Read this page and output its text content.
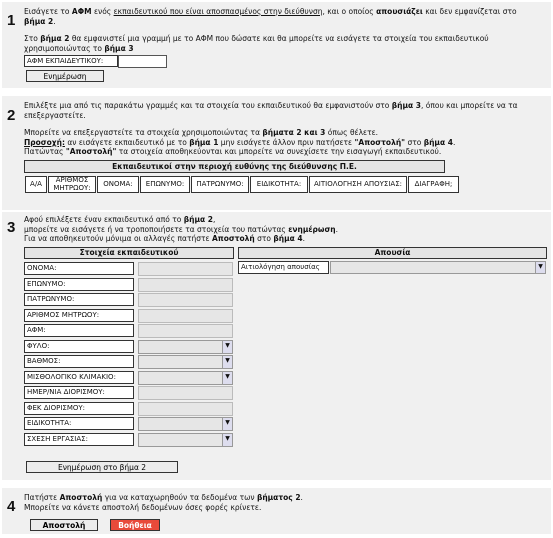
1

Εισάγετε το ΑΦΜ ενός εκπαιδευτικού που είναι αποσπασμένος στην διεύθυνση, και ο οποίος απουσιάζει και δεν εμφανίζεται στο

βήμα 2.

Στο βήμα 2 θα εμφανιστεί μια γραμμή με το ΑΦΜ που δώσατε και θα μπορείτε να εισάγετε τα στοιχεία του εκπαιδευτικού

χρησιμοποιώντας το βήμα 3

ΑΦΜ ΕΚΠΑΙΔΕΥΤΙΚΟΥ:
Ενημέρωση
2

Επιλέξτε μια από τις παρακάτω γραμμές και τα στοιχεία του εκπαιδευτικού θα εμφανιστούν στο βήμα 3, όπου και μπορείτε να τα

επεξεργαστείτε.

Μπορείτε να επεξεργαστείτε τα στοιχεία χρησιμοποιώντας τα βήματα 2 και 3 όπως θέλετε.

Προσοχή: αν εισάγετε εκπαιδευτικό με το βήμα 1 μην εισάγετε άλλον πριν πατήσετε "Αποστολή" στο βήμα 4.

Πατώντας "Αποστολή" τα στοιχεία αποθηκεύονται και μπορείτε να συνεχίσετε την εισαγωγή εκπαιδευτικού.

Εκπαιδευτικοί στην περιοχή ευθύνης της διεύθυνσης Π.Ε.
Α/Α	ΑΡΙΘΜΟΣ ΜΗΤΡΩΟΥ:	ΟΝΟΜΑ:	ΕΠΩΝΥΜΟ:	ΠΑΤΡΩΝΥΜΟ:	ΕΙΔΙΚΟΤΗΤΑ:	ΑΙΤΙΟΛΟΓΗΣΗ ΑΠΟΥΣΙΑΣ:	ΔΙΑΓΡΑΦΗ;
3 Αφού επιλέξετε έναν εκπαιδευτικό από το βήμα 2,

μπορείτε να εισάγετε ή να τροποποιήσετε τα στοιχεία του πατώντας ενημέρωση.

Για να αποθηκευτούν μόνιμα οι αλλαγές πατήστε Αποστολή στο βήμα 4.

Στοιχεία εκπαιδευτικού
ΟΝΟΜΑ:
ΕΠΩΝΥΜΟ:
ΠΑΤΡΩΝΥΜΟ:
ΑΡΙΘΜΟΣ ΜΗΤΡΩΟΥ:
ΑΦΜ:
ΦΥΛΟ:	▼
ΒΑΘΜΟΣ:	▼
ΜΙΣΘΟΛΟΓΙΚΟ ΚΛΙΜΑΚΙΟ:	▼
ΗΜΕΡ/ΝΙΑ ΔΙΟΡΙΣΜΟΥ:
ΦΕΚ ΔΙΟΡΙΣΜΟΥ:
ΕΙΔΙΚΟΤΗΤΑ:	▼
ΣΧΕΣΗ ΕΡΓΑΣΙΑΣ:	▼
Ενημέρωση στο βήμα 2
Απουσία
Αιτιολόγηση απουσίας	▼
4

Πατήστε Αποστολή για να καταχωρηθούν τα δεδομένα των βήματος 2.

Μπορείτε να κάνετε αποστολή δεδομένων όσες φορές κρίνετε.

Αποστολή	Βοήθεια
